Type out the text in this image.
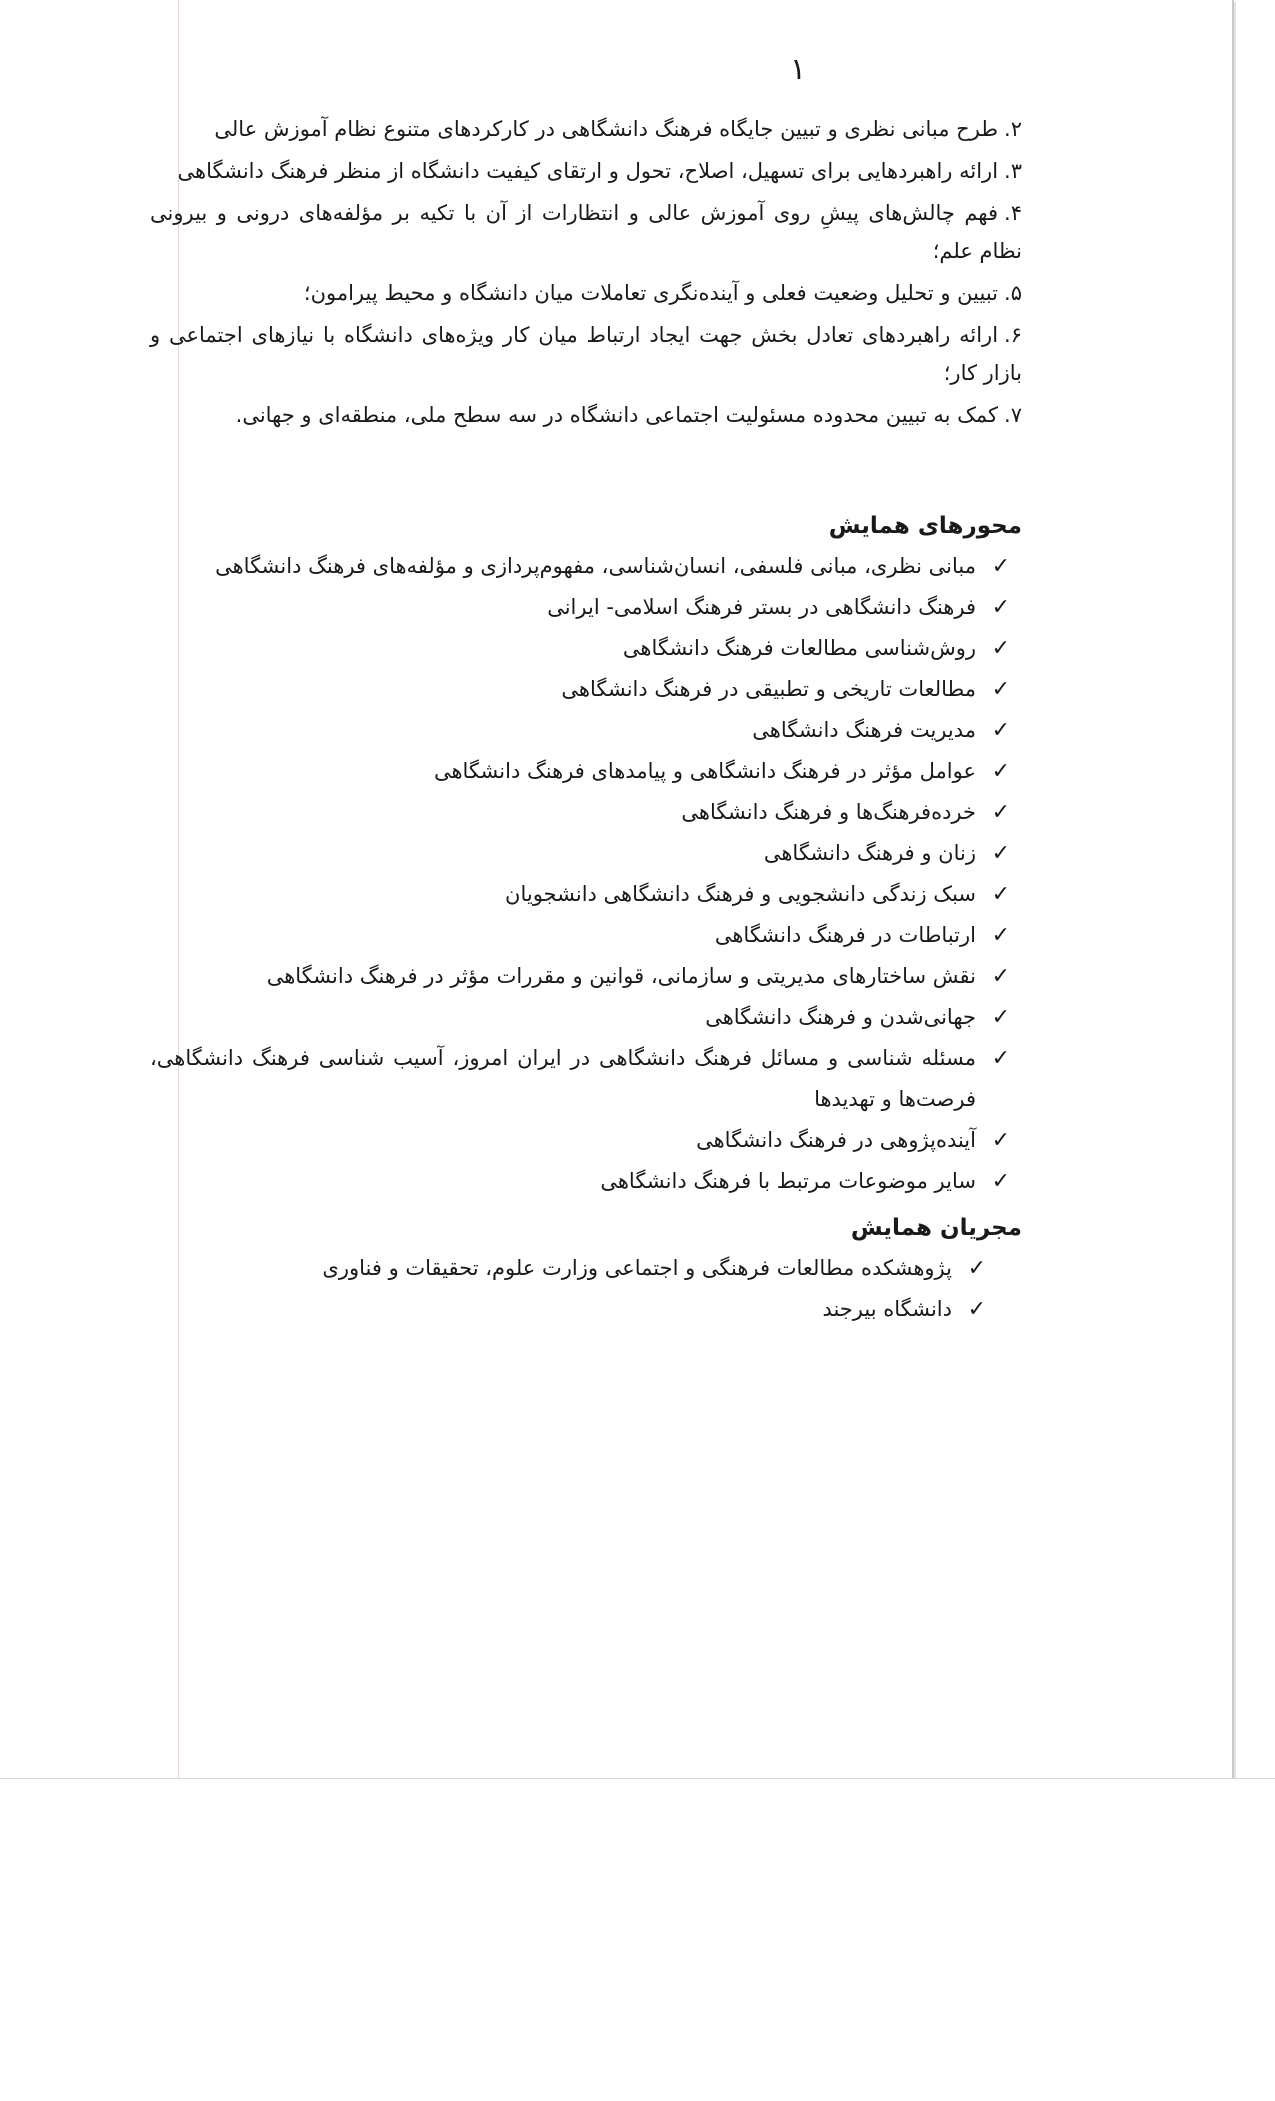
۱
۲.طرح مبانی نظری و تبیین جایگاه فرهنگ دانشگاهی در کارکردهای متنوع نظام آموزش عالی
۳.ارائه راهبردهایی برای تسهیل، اصلاح، تحول و ارتقای کیفیت دانشگاه از منظر فرهنگ دانشگاهی
۴.فهم چالش‌های پیشِ روی آموزش عالی و انتظارات از آن با تکیه بر مؤلفه‌های درونی و بیرونی نظام علم؛
۵.تبیین و تحلیل وضعیت فعلی و آینده‌نگری تعاملات میان دانشگاه و محیط پیرامون؛
۶.ارائه راهبردهای تعادل بخش جهت ایجاد ارتباط میان کار ویژه‌های دانشگاه با نیازهای اجتماعی و بازار کار؛
۷.کمک به تبیین محدوده مسئولیت اجتماعی دانشگاه در سه سطح ملی، منطقه‌ای و جهانی.
محورهای همایش
✓
مبانی نظری، مبانی فلسفی، انسان‌شناسی، مفهوم‌پردازی و مؤلفه‌های فرهنگ دانشگاهی
✓
فرهنگ دانشگاهی در بستر فرهنگ اسلامی- ایرانی
✓
روش‌شناسی مطالعات فرهنگ دانشگاهی
✓
مطالعات تاریخی و تطبیقی در فرهنگ دانشگاهی
✓
مدیریت فرهنگ دانشگاهی
✓
عوامل مؤثر در فرهنگ دانشگاهی و پیامدهای فرهنگ دانشگاهی
✓
خرده‌فرهنگ‌ها و فرهنگ دانشگاهی
✓
زنان و فرهنگ دانشگاهی
✓
سبک زندگی دانشجویی و فرهنگ دانشگاهی دانشجویان
✓
ارتباطات در فرهنگ دانشگاهی
✓
نقش ساختارهای مدیریتی و سازمانی، قوانین و مقررات مؤثر در فرهنگ دانشگاهی
✓
جهانی‌شدن و فرهنگ دانشگاهی
✓
مسئله شناسی و مسائل فرهنگ دانشگاهی در ایران امروز، آسیب شناسی فرهنگ دانشگاهی، فرصت‌ها و تهدیدها
✓
آینده‌پژوهی در فرهنگ دانشگاهی
✓
سایر موضوعات مرتبط با فرهنگ دانشگاهی
مجریان همایش
✓
پژوهشکده مطالعات فرهنگی و اجتماعی وزارت علوم، تحقیقات و فناوری
✓
دانشگاه بیرجند
